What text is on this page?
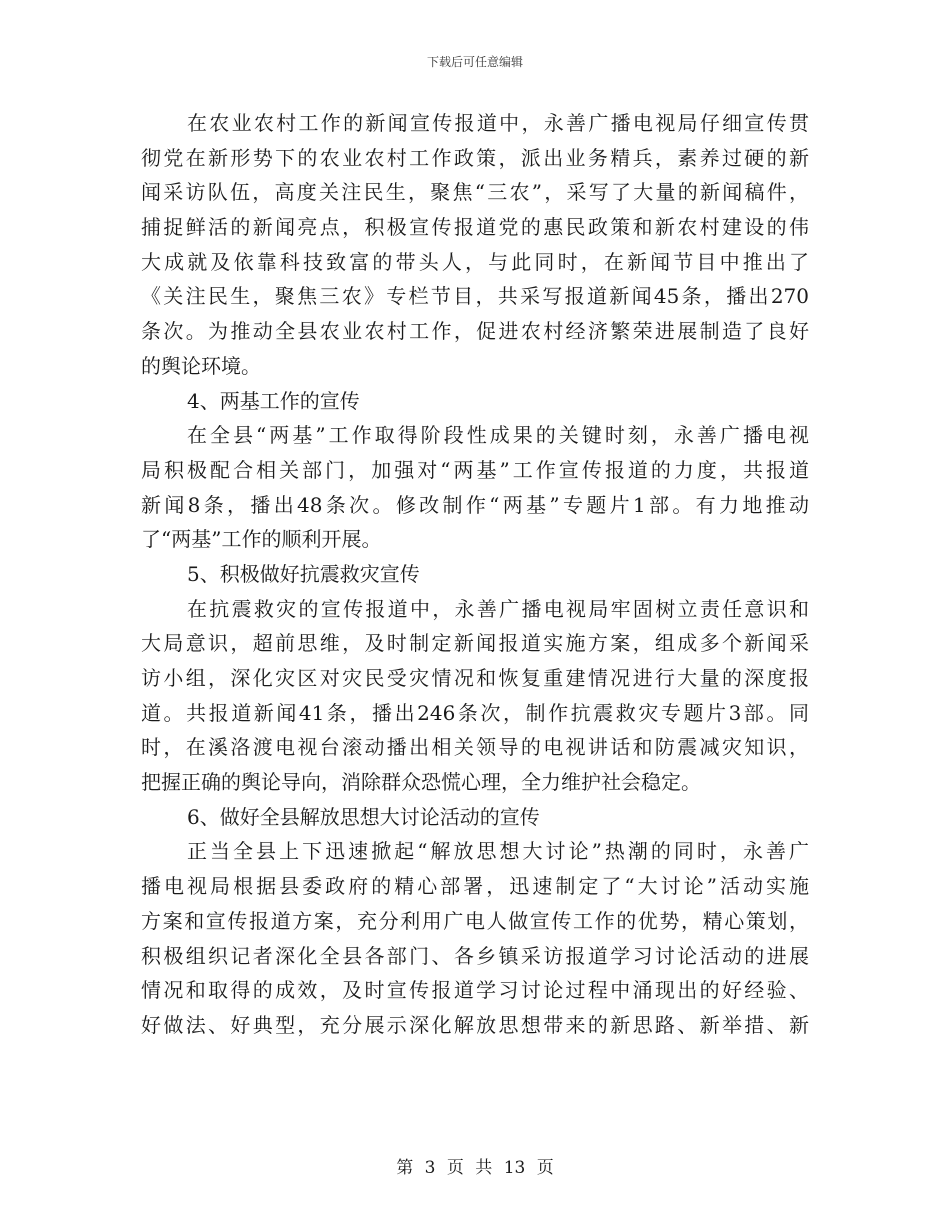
下载后可任意编辑
在农业农村工作的新闻宣传报道中，永善广播电视局仔细宣传贯
彻党在新形势下的农业农村工作政策，派出业务精兵，素养过硬的新
闻采访队伍，高度关注民生，聚焦“三农”，采写了大量的新闻稿件，
捕捉鲜活的新闻亮点，积极宣传报道党的惠民政策和新农村建设的伟
大成就及依靠科技致富的带头人，与此同时，在新闻节目中推出了
《关注民生，聚焦三农》专栏节目，共采写报道新闻45条，播出270
条次。为推动全县农业农村工作，促进农村经济繁荣进展制造了良好
的舆论环境。
4、两基工作的宣传
在全县“两基”工作取得阶段性成果的关键时刻，永善广播电视
局积极配合相关部门，加强对“两基”工作宣传报道的力度，共报道
新闻8条，播出48条次。修改制作“两基”专题片1部。有力地推动
了“两基”工作的顺利开展。
5、积极做好抗震救灾宣传
在抗震救灾的宣传报道中，永善广播电视局牢固树立责任意识和
大局意识，超前思维，及时制定新闻报道实施方案，组成多个新闻采
访小组，深化灾区对灾民受灾情况和恢复重建情况进行大量的深度报
道。共报道新闻41条，播出246条次，制作抗震救灾专题片3部。同
时，在溪洛渡电视台滚动播出相关领导的电视讲话和防震减灾知识，
把握正确的舆论导向，消除群众恐慌心理，全力维护社会稳定。
6、做好全县解放思想大讨论活动的宣传
正当全县上下迅速掀起“解放思想大讨论”热潮的同时，永善广
播电视局根据县委政府的精心部署，迅速制定了“大讨论”活动实施
方案和宣传报道方案，充分利用广电人做宣传工作的优势，精心策划，
积极组织记者深化全县各部门、各乡镇采访报道学习讨论活动的进展
情况和取得的成效，及时宣传报道学习讨论过程中涌现出的好经验、
好做法、好典型，充分展示深化解放思想带来的新思路、新举措、新
第 3 页 共 13 页
